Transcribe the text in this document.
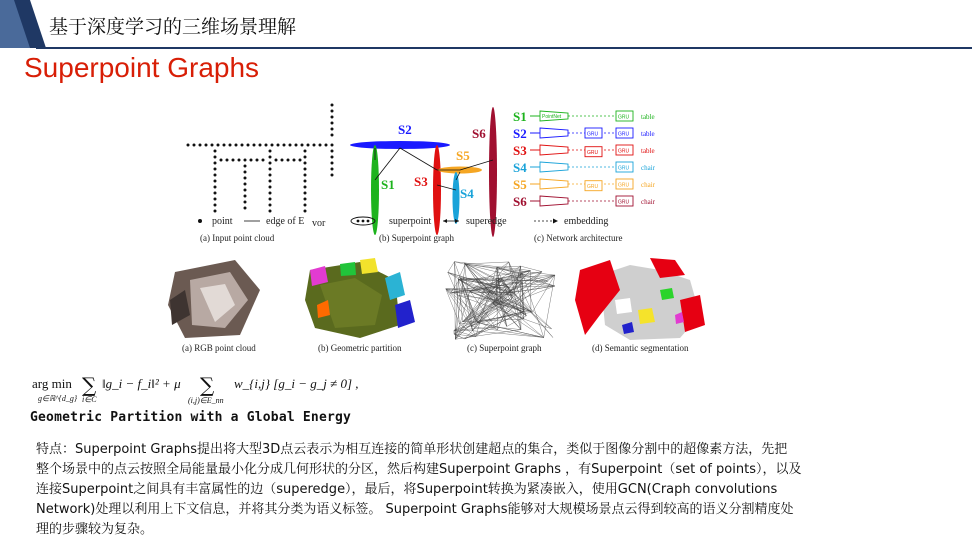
基于深度学习的三维场景理解
Superpoint Graphs
S2
S1 S3
S5
S4
S6
S1	GRU table
S2	GRU table
S3	GRU table
S4	GRU chair
S5	GRU chair
S6	GRU chair
PointNet
GRU
GRU
GRU
point	edge of E vor	superpoint	superedge	embedding
(a) Input point cloud	(b) Superpoint graph	(c) Network architecture
(a) RGB point cloud	(b) Geometric partition	(c) Superpoint graph	(d) Semantic segmentation
arg min
g∈ℝ^{d_g}
∑
i∈C
‖g_i − f_i‖² + μ ∑
(i,j)∈E_nn
w_{i,j} [g_i − g_j ≠ 0] ,
Geometric Partition with a Global Energy

特点：Superpoint Graphs提出将大型3D点云表示为相互连接的简单形状创建超点的集合，类似于图像分割中的超像素方法，先把

整个场景中的点云按照全局能量最小化分成几何形状的分区，然后构建Superpoint Graphs ，有Superpoint（set of points），以及

连接Superpoint之间具有丰富属性的边（superedge），最后，将Superpoint转换为紧凑嵌入，使用GCN(Craph convolutions

Network)处理以利用上下文信息，并将其分类为语义标签。 Superpoint Graphs能够对大规模场景点云得到较高的语义分割精度处

理的步骤较为复杂。
